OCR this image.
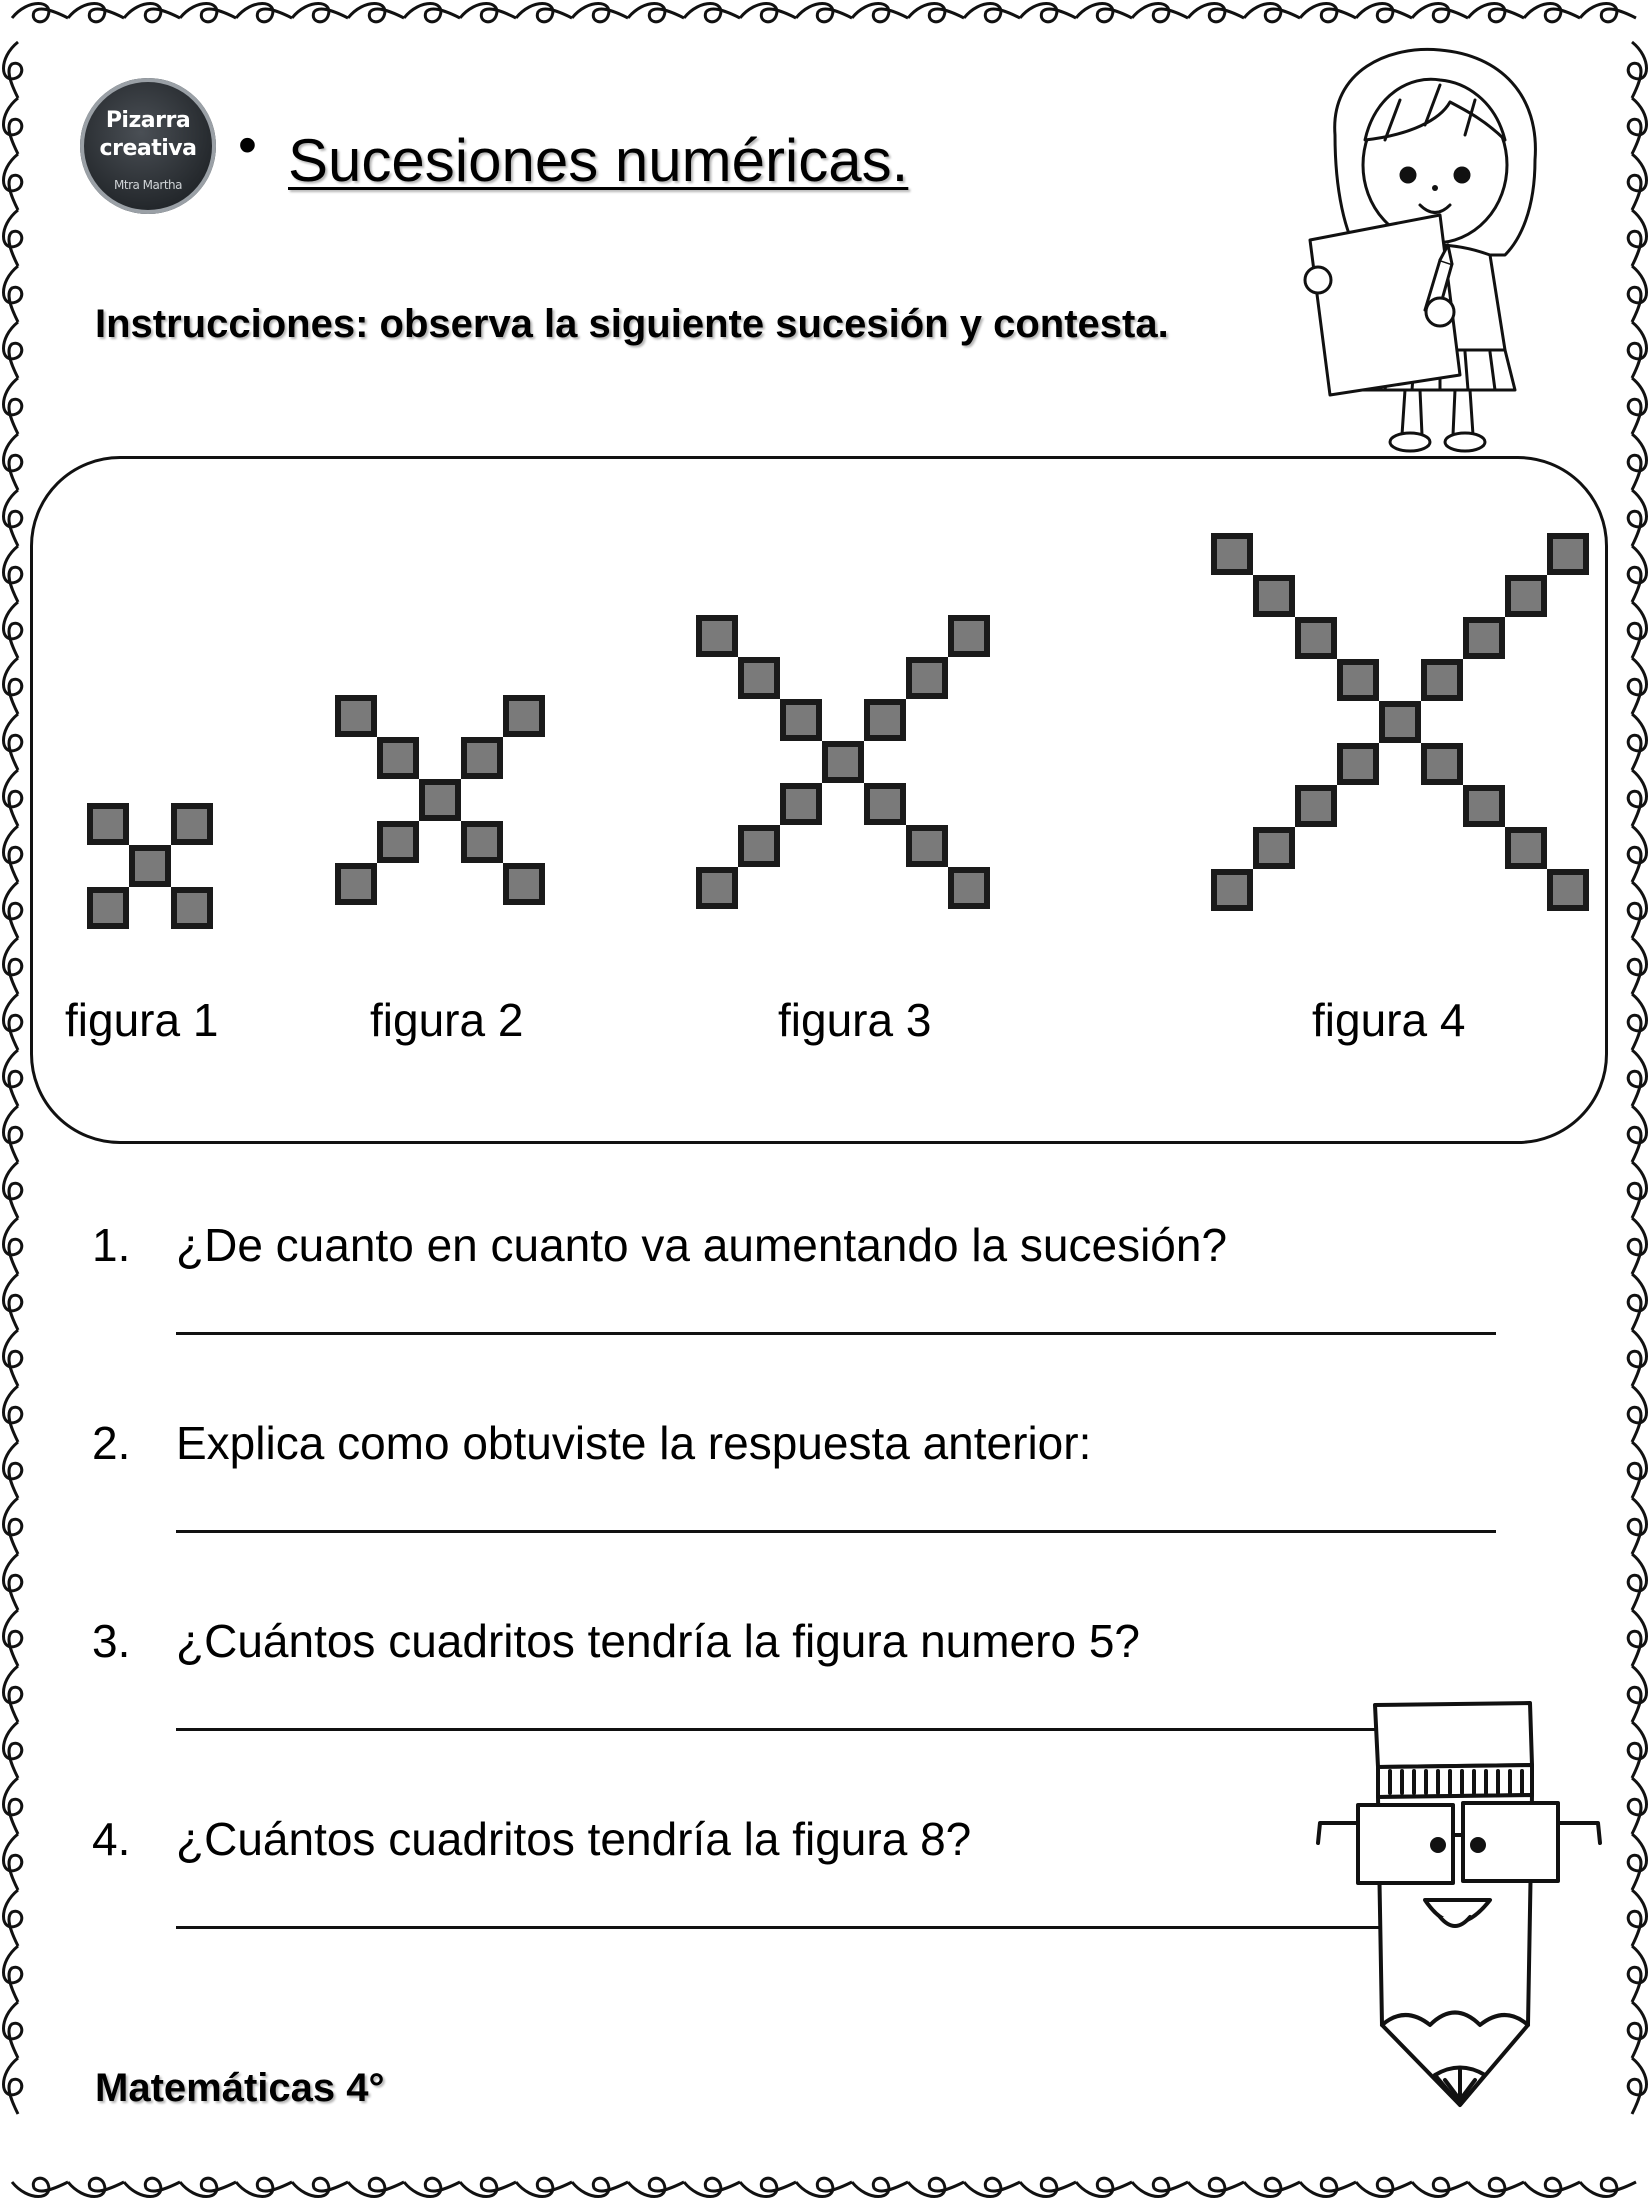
Pizarra
creativa
Mtra Martha
• Sucesiones numéricas.
Instrucciones: observa la siguiente sucesión y contesta.
figura 1	figura 2	figura 3	figura 4
1. ¿De cuanto en cuanto va aumentando la sucesión?
2. Explica como obtuviste la respuesta anterior:
3. ¿Cuántos cuadritos tendría la figura numero 5?
4. ¿Cuántos cuadritos tendría la figura 8?
Matemáticas 4°
